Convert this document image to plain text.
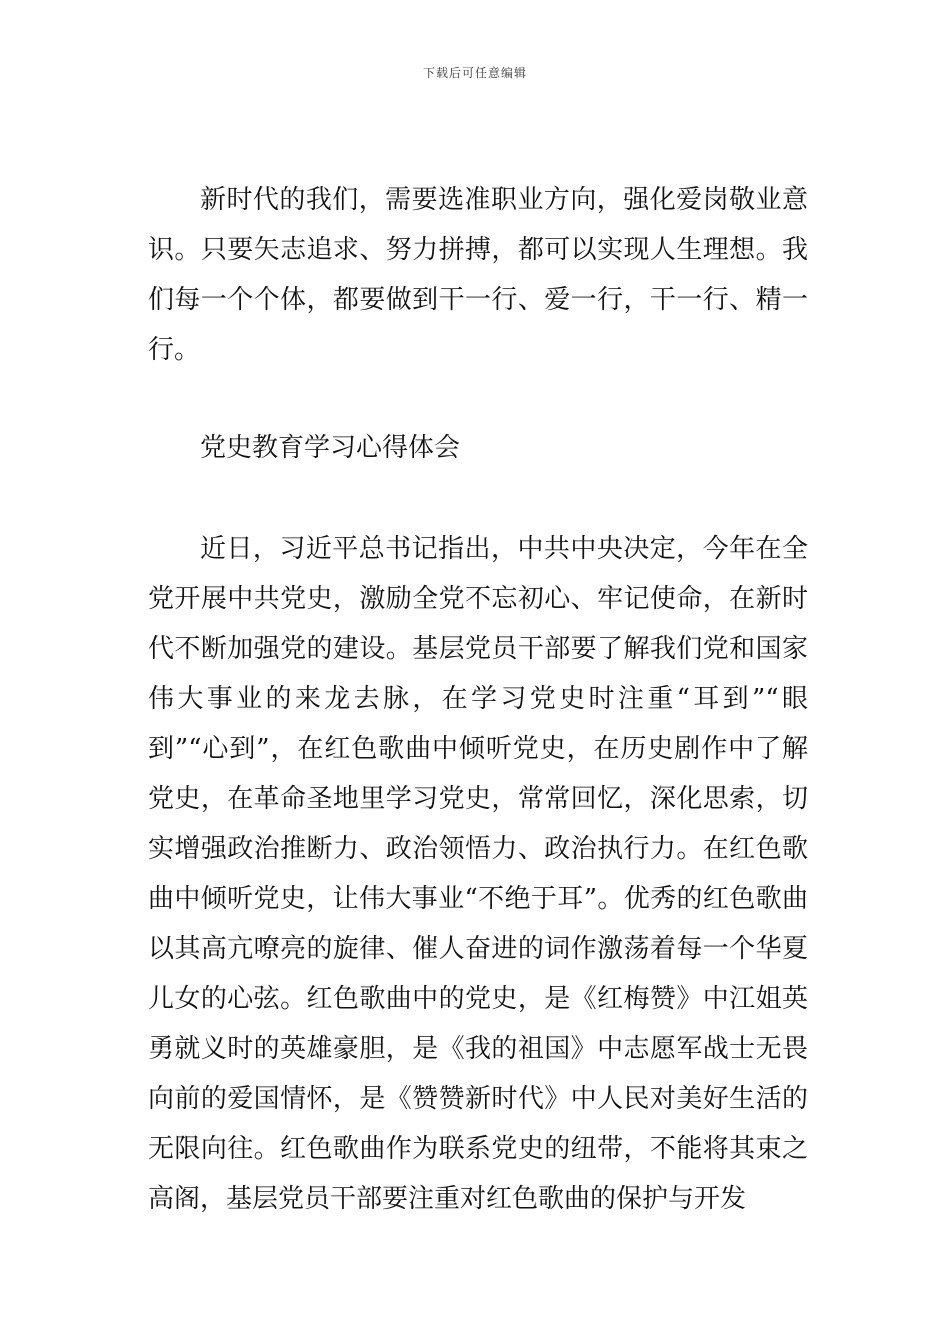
下载后可任意编辑
新时代的我们，需要选准职业方向，强化爱岗敬业意识。只要矢志追求、努力拼搏，都可以实现人生理想。我们每一个个体，都要做到干一行、爱一行，干一行、精一行。
党史教育学习心得体会
近日，习近平总书记指出，中共中央决定，今年在全党开展中共党史，激励全党不忘初心、牢记使命，在新时代不断加强党的建设。基层党员干部要了解我们党和国家伟大事业的来龙去脉，在学习党史时注重“耳到”“眼到”“心到”，在红色歌曲中倾听党史，在历史剧作中了解党史，在革命圣地里学习党史，常常回忆，深化思索，切实增强政治推断力、政治领悟力、政治执行力。在红色歌曲中倾听党史，让伟大事业“不绝于耳”。优秀的红色歌曲以其高亢嘹亮的旋律、催人奋进的词作激荡着每一个华夏儿女的心弦。红色歌曲中的党史，是《红梅赞》中江姐英勇就义时的英雄豪胆，是《我的祖国》中志愿军战士无畏向前的爱国情怀，是《赞赞新时代》中人民对美好生活的无限向往。红色歌曲作为联系党史的纽带，不能将其束之高阁，基层党员干部要注重对红色歌曲的保护与开发
